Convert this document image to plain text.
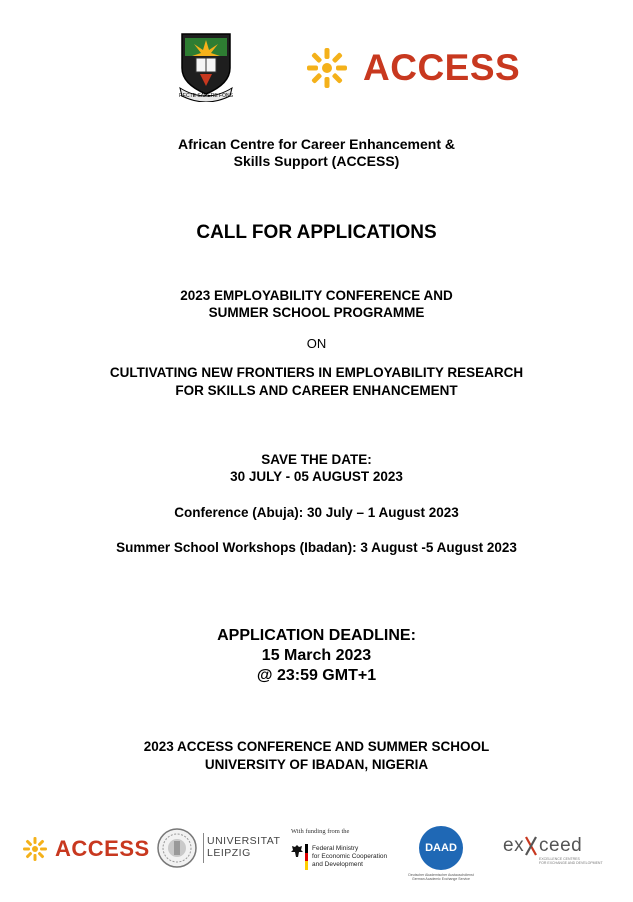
RECTE SAPERE FONS
ACCESS
African Centre for Career Enhancement &
Skills Support (ACCESS)
CALL FOR APPLICATIONS
2023 EMPLOYABILITY CONFERENCE AND
SUMMER SCHOOL PROGRAMME
ON
CULTIVATING NEW FRONTIERS IN EMPLOYABILITY RESEARCH
FOR SKILLS AND CAREER ENHANCEMENT
SAVE THE DATE:
30 JULY - 05 AUGUST 2023
Conference (Abuja): 30 July – 1 August 2023
Summer School Workshops (Ibadan): 3 August -5 August 2023
APPLICATION DEADLINE:
15 March 2023
@ 23:59 GMT+1
2023 ACCESS CONFERENCE AND SUMMER SCHOOL
UNIVERSITY OF IBADAN, NIGERIA
ACCESS	UNIVERSITAT
LEIPZIG
With funding from the
Federal Ministry
for Economic Cooperation
and Development
DAAD
Deutscher Akademischer Austauschdienst
German Academic Exchange Service
ex ceed
EXCELLENCE CENTRES
FOR EXCHANGE AND DEVELOPMENT
